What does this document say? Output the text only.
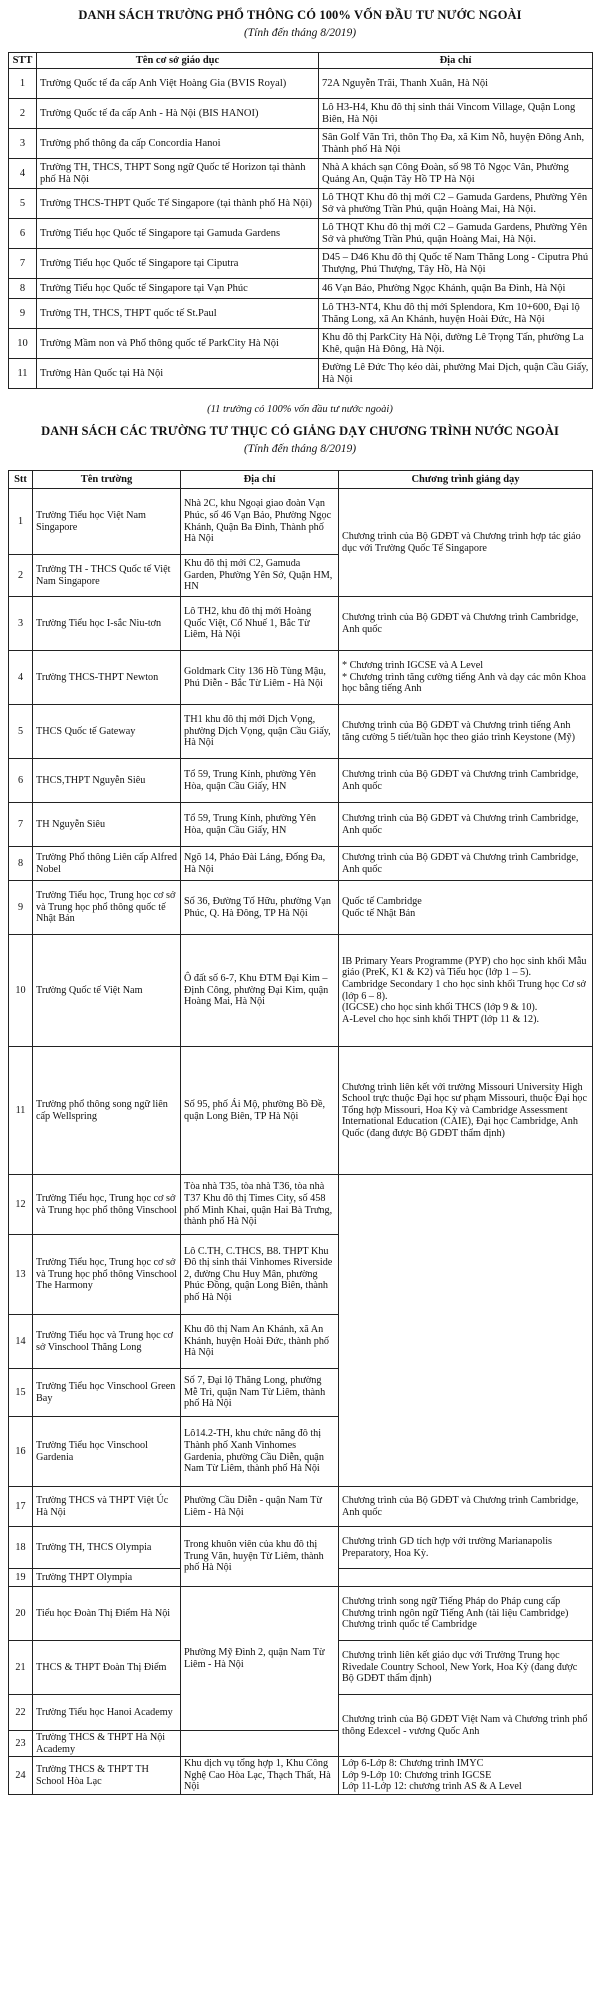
DANH SÁCH TRƯỜNG PHỔ THÔNG CÓ 100% VỐN ĐẦU TƯ NƯỚC NGOÀI
(Tính đến tháng 8/2019)
STT	Tên cơ sở giáo dục	Địa chỉ
1	Trường Quốc tế đa cấp Anh Việt Hoàng Gia (BVIS Royal)	72A Nguyễn Trãi, Thanh Xuân, Hà Nội
2	Trường Quốc tế đa cấp Anh - Hà Nội (BIS HANOI)	Lô H3-H4, Khu đô thị sinh thái Vincom Village, Quận Long Biên, Hà Nội
3	Trường phổ thông đa cấp Concordia Hanoi	Sân Golf Văn Trì, thôn Thọ Đa, xã Kim Nỗ, huyện Đông Anh, Thành phố Hà Nội
4	Trường TH, THCS, THPT Song ngữ Quốc tế Horizon tại thành phố Hà Nội	Nhà A khách sạn Công Đoàn, số 98 Tô Ngọc Vân, Phường Quảng An, Quận Tây Hồ TP Hà Nội
5	Trường THCS-THPT Quốc Tế Singapore (tại thành phố Hà Nội)	Lô THQT Khu đô thị mới C2 – Gamuda Gardens, Phường Yên Sở và phường Trần Phú, quận Hoàng Mai, Hà Nội.
6	Trường Tiểu học Quốc tế Singapore tại Gamuda Gardens	Lô THQT Khu đô thị mới C2 – Gamuda Gardens, Phường Yên Sở và phường Trần Phú, quận Hoàng Mai, Hà Nội.
7	Trường Tiểu học Quốc tế Singapore tại Ciputra	D45 – D46 Khu đô thị Quốc tế Nam Thăng Long - Ciputra Phú Thượng, Phú Thượng, Tây Hồ, Hà Nội
8	Trường Tiểu học Quốc tế Singapore tại Vạn Phúc	46 Vạn Bảo, Phường Ngọc Khánh, quận Ba Đình, Hà Nội
9	Trường TH, THCS, THPT quốc tế St.Paul	Lô TH3-NT4, Khu đô thị mới Splendora, Km 10+600, Đại lộ Thăng Long, xã An Khánh, huyện Hoài Đức, Hà Nội
10	Trường Mầm non và Phổ thông quốc tế ParkCity Hà Nội	Khu đô thị ParkCity Hà Nội, đường Lê Trọng Tấn, phường La Khê, quận Hà Đông, Hà Nội.
11	Trường Hàn Quốc tại Hà Nội	Đường Lê Đức Thọ kéo dài, phường Mai Dịch, quận Cầu Giấy, Hà Nội
(11 trường có 100% vốn đầu tư nước ngoài)
DANH SÁCH CÁC TRƯỜNG TƯ THỤC CÓ GIẢNG DẠY CHƯƠNG TRÌNH NƯỚC NGOÀI
(Tính đến tháng 8/2019)
Stt	Tên trường	Địa chỉ	Chương trình giảng dạy
1	Trường Tiểu học Việt Nam Singapore	Nhà 2C, khu Ngoại giao đoàn Vạn Phúc, số 46 Vạn Bảo, Phường Ngọc Khánh, Quận Ba Đình, Thành phố Hà Nội	Chương trình của Bộ GDĐT và Chương trình hợp tác giáo dục với Trường Quốc Tế Singapore
2	Trường TH - THCS Quốc tế Việt Nam Singapore	Khu đô thị mới C2, Gamuda Garden, Phường Yên Sở, Quận HM, HN	
3	Trường Tiểu học I-sắc Niu-tơn	Lô TH2, khu đô thị mới Hoàng Quốc Việt, Cổ Nhuế 1, Bắc Từ Liêm, Hà Nội	Chương trình của Bộ GDĐT và Chương trình Cambridge, Anh quốc
4	Trường THCS-THPT Newton	Goldmark City 136 Hồ Tùng Mậu, Phú Diễn - Bắc Từ Liêm - Hà Nội	* Chương trình IGCSE và A Level
* Chương trình tăng cường tiếng Anh và dạy các môn Khoa học bằng tiếng Anh
5	THCS Quốc tế Gateway	TH1 khu đô thị mới Dịch Vọng, phường Dịch Vọng, quận Cầu Giấy, Hà Nội	Chương trình của Bộ GDĐT và Chương trình tiếng Anh tăng cường 5 tiết/tuần học theo giáo trình Keystone (Mỹ)
6	THCS,THPT Nguyễn Siêu	Tổ 59, Trung Kính, phường Yên Hòa, quận Cầu Giấy, HN	Chương trình của Bộ GDĐT và Chương trình Cambridge, Anh quốc
7	TH Nguyễn Siêu	Tổ 59, Trung Kính, phường Yên Hòa, quận Cầu Giấy, HN	Chương trình của Bộ GDĐT và Chương trình Cambridge, Anh quốc
8	Trường Phổ thông Liên cấp Alfred Nobel	Ngõ 14, Pháo Đài Láng, Đống Đa, Hà Nội	Chương trình của Bộ GDĐT và Chương trình Cambridge, Anh quốc
9	Trường Tiểu học, Trung học cơ sở và Trung học phổ thông quốc tế Nhật Bản	Số 36, Đường Tố Hữu, phường Vạn Phúc, Q. Hà Đông, TP Hà Nội	Quốc tế Cambridge
Quốc tế Nhật Bản
10	Trường Quốc tế Việt Nam	Ô đất số 6-7, Khu ĐTM Đại Kim – Định Công, phường Đại Kim, quận Hoàng Mai, Hà Nội	IB Primary Years Programme (PYP) cho học sinh khối Mẫu giáo (PreK, K1 & K2) và Tiểu học (lớp 1 – 5).
Cambridge Secondary 1 cho học sinh khối Trung học Cơ sở (lớp 6 – 8).
(IGCSE) cho học sinh khối THCS (lớp 9 & 10).
A-Level cho học sinh khối THPT (lớp 11 & 12).
11	Trường phổ thông song ngữ liên cấp Wellspring	Số 95, phố Ái Mộ, phường Bồ Đề, quận Long Biên, TP Hà Nội	Chương trình liên kết với trường Missouri University High School trực thuộc Đại học sư phạm Missouri, thuộc Đại học Tổng hợp Missouri, Hoa Kỳ và Cambridge Assessment International Education (CAIE), Đại học Cambridge, Anh Quốc (đang được Bộ GDĐT thẩm định)
12	Trường Tiểu học, Trung học cơ sở và Trung học phổ thông Vinschool	Tòa nhà T35, tòa nhà T36, tòa nhà T37 Khu đô thị Times City, số 458 phố Minh Khai, quận Hai Bà Trưng, thành phố Hà Nội	
13	Trường Tiểu học, Trung học cơ sở và Trung học phổ thông Vinschool The Harmony	Lô C.TH, C.THCS, B8. THPT Khu Đô thị sinh thái Vinhomes Riverside 2, đường Chu Huy Mân, phường Phúc Đồng, quận Long Biên, thành phố Hà Nội	
14	Trường Tiểu học và Trung học cơ sở Vinschool Thăng Long	Khu đô thị Nam An Khánh, xã An Khánh, huyện Hoài Đức, thành phố Hà Nội	
15	Trường Tiểu học Vinschool Green Bay	Số 7, Đại lộ Thăng Long, phường Mễ Trì, quận Nam Từ Liêm, thành phố Hà Nội	
16	Trường Tiểu học Vinschool Gardenia	Lô14.2-TH, khu chức năng đô thị Thành phố Xanh Vinhomes Gardenia, phường Cầu Diễn, quận Nam Từ Liêm, thành phố Hà Nội	
17	Trường THCS và THPT Việt Úc Hà Nội	Phường Cầu Diễn - quận Nam Từ Liêm - Hà Nội	Chương trình của Bộ GDĐT và Chương trình Cambridge, Anh quốc
18	Trường TH, THCS Olympia	Trong khuôn viên của khu đô thị Trung Văn, huyện Từ Liêm, thành phố Hà Nội	Chương trình GD tích hợp với trường Marianapolis Preparatory, Hoa Kỳ.
19	Trường THPT Olympia		
20	Tiểu học Đoàn Thị Điểm Hà Nội	Phường Mỹ Đình 2, quận Nam Từ Liêm - Hà Nội	Chương trình song ngữ Tiếng Pháp do Pháp cung cấp
Chương trình ngôn ngữ Tiếng Anh (tài liệu Cambridge)
Chương trình quốc tế Cambridge
21	THCS & THPT Đoàn Thị Điểm		Chương trình liên kết giáo dục với Trường Trung học Rivedale Country School, New York, Hoa Kỳ (đang được Bộ GDĐT thẩm định)
22	Trường Tiểu học Hanoi Academy		Chương trình của Bộ GDĐT Việt Nam và Chương trình phổ thông Edexcel - vương Quốc Anh
23	Trường THCS & THPT Hà Nội Academy		
24	Trường THCS & THPT TH School Hòa Lạc	Khu dịch vụ tổng hợp 1, Khu Công Nghệ Cao Hòa Lạc, Thạch Thất, Hà Nội	Lớp 6-Lớp 8: Chương trình IMYC
Lớp 9-Lớp 10: Chương trình IGCSE
Lớp 11-Lớp 12: chương trình AS & A Level
